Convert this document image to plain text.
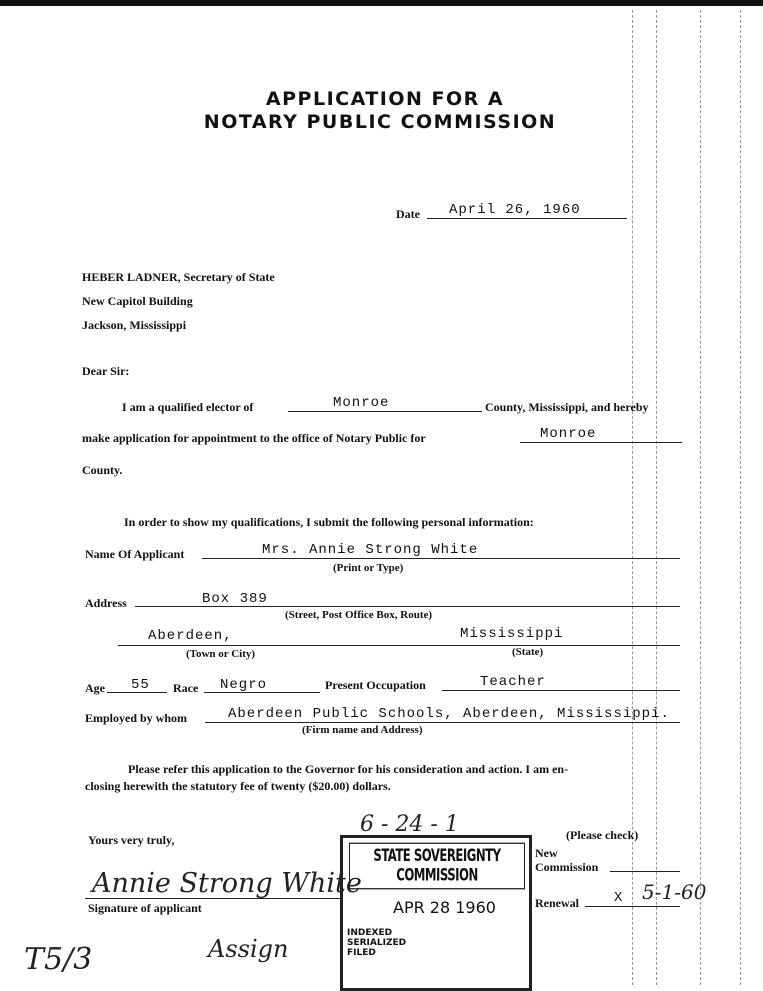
APPLICATION FOR A
NOTARY PUBLIC COMMISSION
Date April 26, 1960
HEBER LADNER, Secretary of State
New Capitol Building
Jackson, Mississippi
Dear Sir:
I am a qualified elector of	Monroe	County, Mississippi, and hereby
make application for appointment to the office of Notary Public for	Monroe
County.
In order to show my qualifications, I submit the following personal information:
Name Of Applicant	Mrs. Annie Strong White
(Print or Type)
Address	Box 389
(Street, Post Office Box, Route)
Aberdeen,	Mississippi
(Town or City)	(State)
Age 55 Race Negro	Present Occupation	Teacher
Employed by whom	Aberdeen Public Schools, Aberdeen, Mississippi.
(Firm name and Address)
Please refer this application to the Governor for his consideration and action. I am en-
closing herewith the statutory fee of twenty ($20.00) dollars.
Yours very truly,
Annie Strong White
Signature of applicant
(Please check)
New
Commission
Renewal	X 5-1-60
6 - 24 - 1
STATE SOVEREIGNTY COMMISSION
APR 28 1960
INDEXED
SERIALIZED
FILED
T5/3	Assign
